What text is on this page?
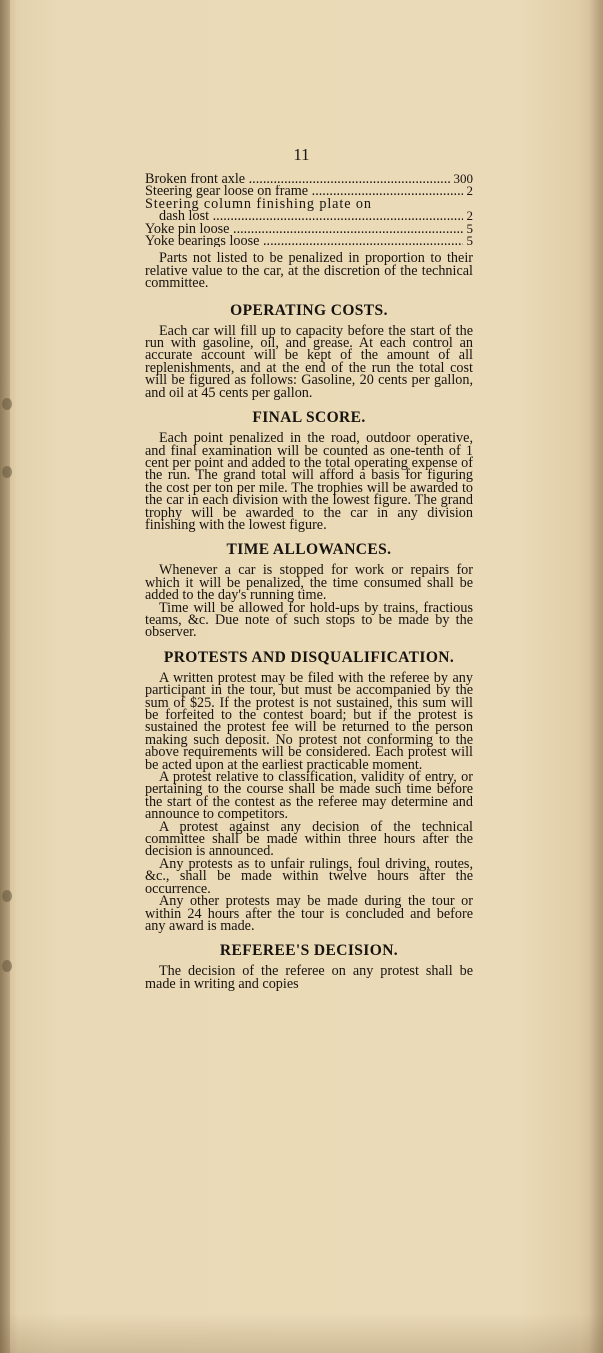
11
Broken front axle .....	300
Steering gear loose on frame .....	2
Steering column finishing plate on
dash lost .....	2
Yoke pin loose .....	5
Yoke bearings loose .....	5

Parts not listed to be penalized in proportion to their relative value to the car, at the discretion of the technical committee.

OPERATING COSTS.

Each car will fill up to capacity before the start of the run with gasoline, oil, and grease. At each control an accurate account will be kept of the amount of all replenishments, and at the end of the run the total cost will be figured as follows: Gasoline, 20 cents per gallon, and oil at 45 cents per gallon.

FINAL SCORE.

Each point penalized in the road, outdoor operative, and final examination will be counted as one-tenth of 1 cent per point and added to the total operating expense of the run. The grand total will afford a basis for figuring the cost per ton per mile. The trophies will be awarded to the car in each division with the lowest figure. The grand trophy will be awarded to the car in any division finishing with the lowest figure.

TIME ALLOWANCES.

Whenever a car is stopped for work or repairs for which it will be penalized, the time consumed shall be added to the day's running time.

Time will be allowed for hold-ups by trains, fractious teams, &c. Due note of such stops to be made by the observer.

PROTESTS AND DISQUALIFICATION.

A written protest may be filed with the referee by any participant in the tour, but must be accompanied by the sum of $25. If the protest is not sustained, this sum will be forfeited to the contest board; but if the protest is sustained the protest fee will be returned to the person making such deposit. No protest not conforming to the above requirements will be considered. Each protest will be acted upon at the earliest practicable moment.

A protest relative to classification, validity of entry, or pertaining to the course shall be made such time before the start of the contest as the referee may determine and announce to competitors.

A protest against any decision of the technical committee shall be made within three hours after the decision is announced.

Any protests as to unfair rulings, foul driving, routes, &c., shall be made within twelve hours after the occurrence.

Any other protests may be made during the tour or within 24 hours after the tour is concluded and before any award is made.

REFEREE'S DECISION.

The decision of the referee on any protest shall be made in writing and copies
